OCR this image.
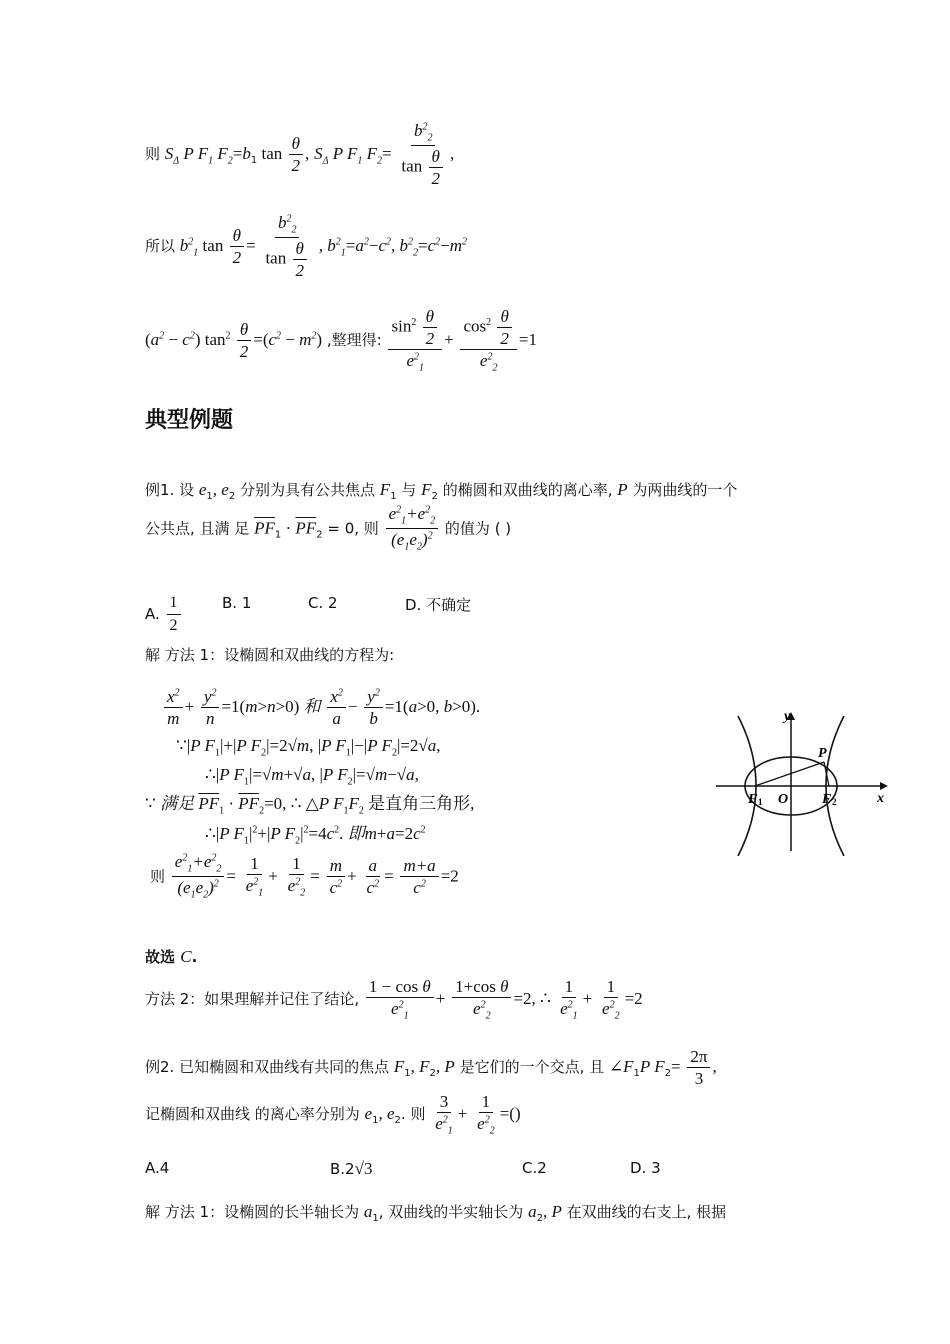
则 $S_\Delta$ P $F_1$ $F_2=b_1$ $\tan \frac{\theta}{2}$ , $S_\Delta$ P $F_1$ $F_2= \frac{b^2_2}{\tan \frac{\theta}{2}}$ ,
所以 $b^2_1$ $\tan \frac{\theta}{2} = \frac{b^2_2}{\tan \frac{\theta}{2}}$ , $b^2_1=a^2-c^2$, $b^2_2=c^2-m^2$
$(a^2 - c^2)$ $\tan^2 \frac{\theta}{2} =(c^2 - m^2)$ ,整理得: $\frac{\sin^2 \frac{\theta}{2}}{e^2_1} + \frac{\cos^2 \frac{\theta}{2}}{e^2_2} =1$
典型例题
例1. 设 $e_1$, $e_2$ 分别为具有公共焦点 $F_1$ 与 $F_2$ 的椭圆和双曲线的离心率, P 为两曲线的一个
公共点, 且满 足 $\overline{PF}_1 \cdot \overline{PF}_2 = 0$, 则 $\frac{e^2_1+e^2_2}{(e_1e_2)^2}$ 的值为 ( )
A. $\frac{1}{2}$	B. 1	C. 2	D. 不确定
解 方法 1：设椭圆和双曲线的方程为:
$\frac{x^2}{m} + \frac{y^2}{n} =1(m>n>0)$ 和 $\frac{x^2}{a} - \frac{y^2}{b} =1(a>0$, b>0).
∵|P $F_1|+|P$ $F_2|=2√m$, |P $F_1|-|P$ $F_2|=2√a$,
∴|P $F_1|=√m+√a$, |P $F_2|=√m-√a$,
∵ 满足 $\overline{PF}_1 \cdot \overline{PF}_2=0$, ∴ △P $F_1F_2$ 是直角三角形,
∴|P $F_1|^2+|P$ $F_2|^2=4c^2$. 即$m+a=2c^2$
则 $\frac{e^2_1+e^2_2}{(e_1e_2)^2} = \frac{1}{e^2_1} + \frac{1}{e^2_2} = \frac{m}{c^2} + \frac{a}{c^2} = \frac{m+a}{c^2} =2$
y
x
P
O
F 1	F 2
故选 C.
方法 2：如果理解并记住了结论, $\frac{\text{1 − cos θ}}{e^2_1} + \frac{\text{1+cos θ}}{e^2_2} =2$, ∴ $\frac{1}{e^2_1} + \frac{1}{e^2_2} =2$
例2. 已知椭圆和双曲线有共同的焦点 $F_1$, $F_2$, P 是它们的一个交点, 且 $\angle F_1P$ $F_2= \frac{2\pi}{3}$ ,
记椭圆和双曲线 的离心率分别为 $e_1$, $e_2$. 则 $\frac{3}{e^2_1} + \frac{1}{e^2_2}$ =()
A.4	B.2√3	C.2	D. 3
解 方法 1：设椭圆的长半轴长为 $a_1$, 双曲线的半实轴长为 $a_2$, P 在双曲线的右支上, 根据
